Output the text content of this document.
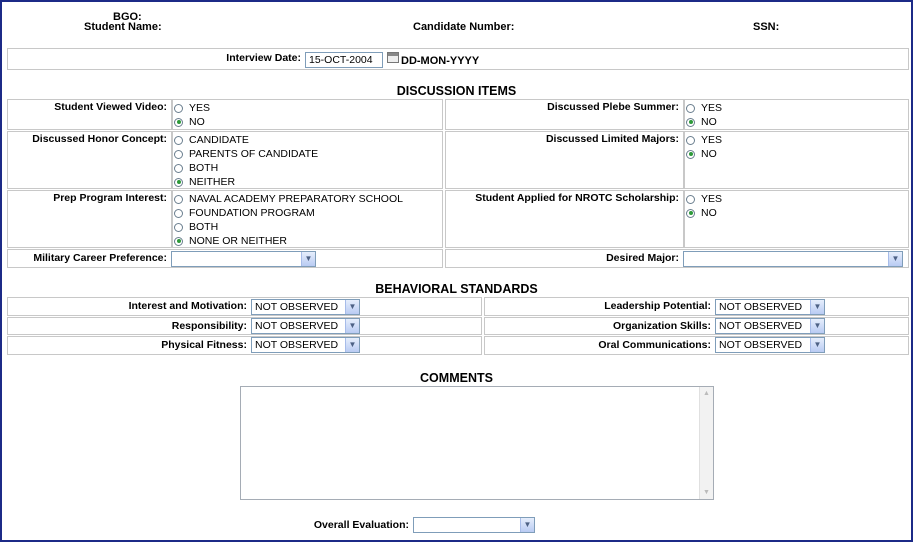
BGO:
Student Name:	Candidate Number:	SSN:
Interview Date: 15-OCT-2004	DD-MON-YYYY
DISCUSSION ITEMS
Student Viewed Video: YES
NO
Discussed Plebe Summer: YES
NO
Discussed Honor Concept: CANDIDATE
PARENTS OF CANDIDATE
BOTH
NEITHER
Discussed Limited Majors: YES
NO
Prep Program Interest: NAVAL ACADEMY PREPARATORY SCHOOL
FOUNDATION PROGRAM
BOTH
NONE OR NEITHER
Student Applied for NROTC Scholarship: YES
NO
Military Career Preference:	▼	Desired Major:	▼
BEHAVIORAL STANDARDS
Interest and Motivation: NOT OBSERVED	▼	Leadership Potential: NOT OBSERVED	▼
Responsibility: NOT OBSERVED	▼	Organization Skills: NOT OBSERVED	▼
Physical Fitness: NOT OBSERVED	▼	Oral Communications: NOT OBSERVED	▼
COMMENTS
▲
▼
Overall Evaluation:	▼
